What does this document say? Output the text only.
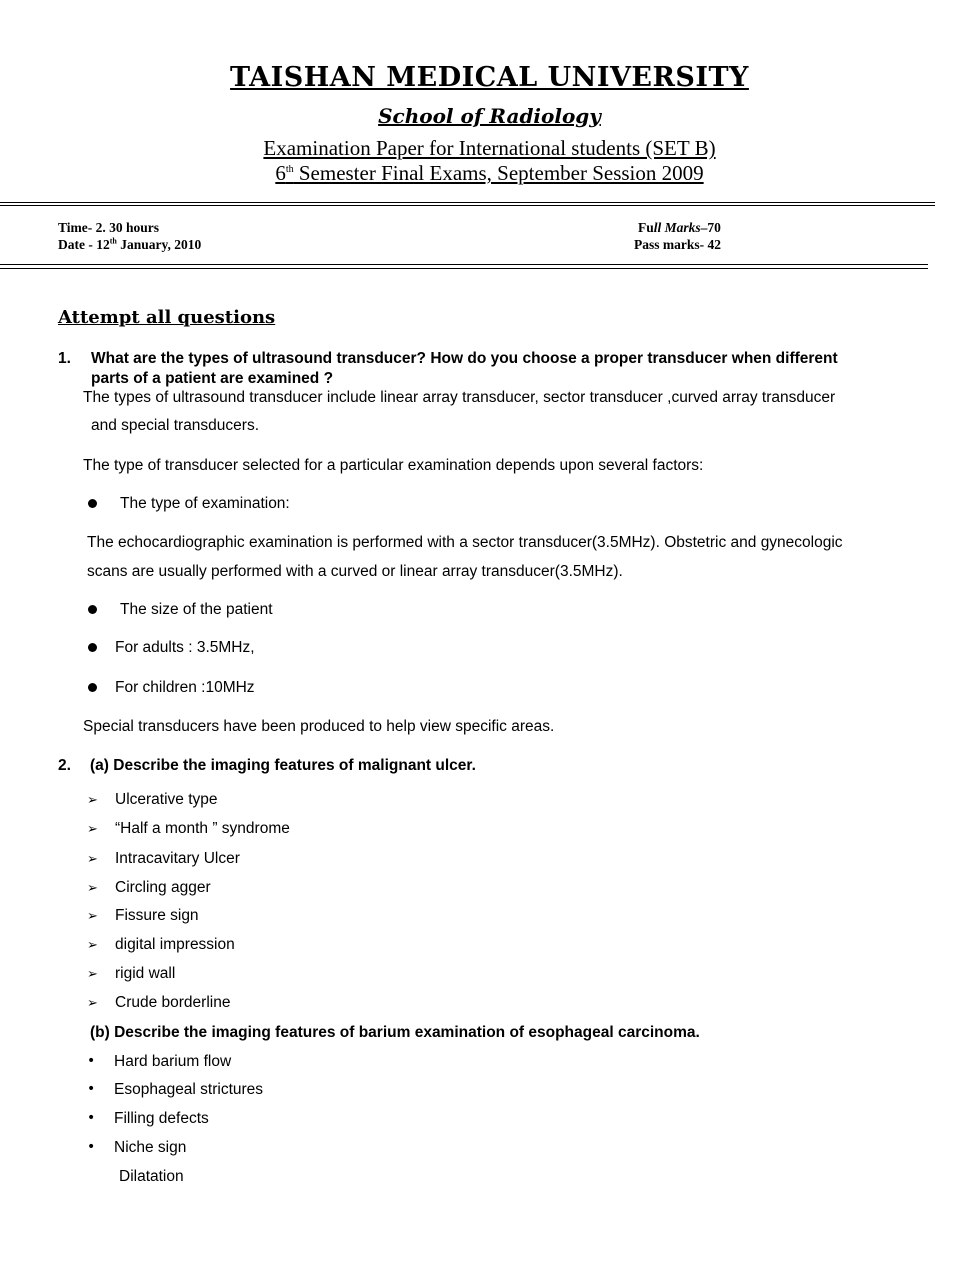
TAISHAN MEDICAL UNIVERSITY
School of Radiology
Examination Paper for International students (SET B)
6th Semester Final Exams, September Session 2009
Time- 2. 30 hours
Date - 12th January, 2010
Full Marks–70
Pass marks- 42
Attempt all questions
1. What are the types of ultrasound transducer? How do you choose a proper transducer when different
parts of a patient are examined ?
The types of ultrasound transducer include linear array transducer, sector transducer ,curved array transducer
and special transducers.
The type of transducer selected for a particular examination depends upon several factors:
The type of examination:
The echocardiographic examination is performed with a sector transducer(3.5MHz). Obstetric and gynecologic
scans are usually performed with a curved or linear array transducer(3.5MHz).
The size of the patient
For adults : 3.5MHz,
For children :10MHz
Special transducers have been produced to help view specific areas.
2. (a) Describe the imaging features of malignant ulcer.
➢ Ulcerative type
➢ “Half a month ” syndrome
➢ Intracavitary Ulcer
➢ Circling agger
➢ Fissure sign
➢ digital impression
➢ rigid wall
➢ Crude borderline
(b) Describe the imaging features of barium examination of esophageal carcinoma.
• Hard barium flow
• Esophageal strictures
• Filling defects
• Niche sign
Dilatation
